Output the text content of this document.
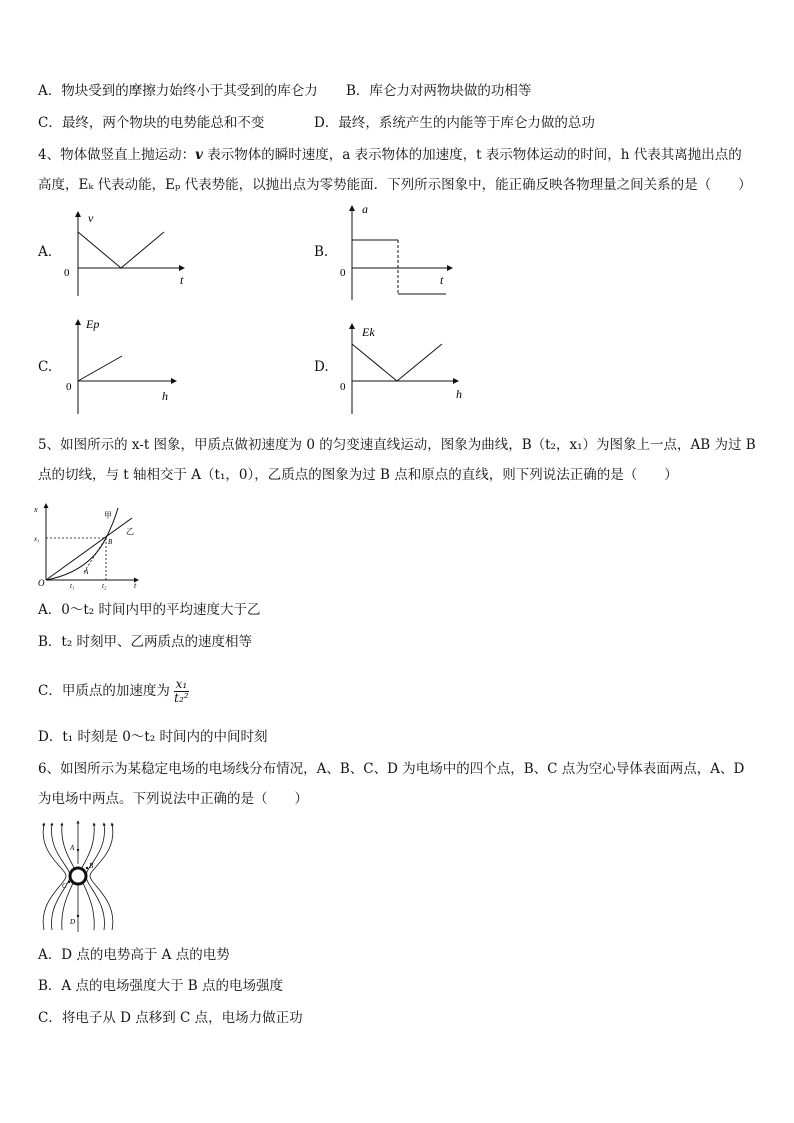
A．物块受到的摩擦力始终小于其受到的库仑力 B．库仑力对两物块做的功相等
C．最终，两个物块的电势能总和不变	D．最终，系统产生的内能等于库仑力做的总功
4、物体做竖直上抛运动：v 表示物体的瞬时速度，a 表示物体的加速度，t 表示物体运动的时间，h 代表其离抛出点的
高度，Eₖ 代表动能，Eₚ 代表势能，以抛出点为零势能面．下列所示图象中，能正确反映各物理量之间关系的是（　　）
A.	B.
C.	D.
v
0	t
a
0	t
Ep
0
h
Ek
0	h
5、如图所示的 x-t 图象，甲质点做初速度为 0 的匀变速直线运动，图象为曲线，B（t₂，x₁）为图象上一点，AB 为过 B
点的切线，与 t 轴相交于 A（t₁，0），乙质点的图象为过 B 点和原点的直线，则下列说法正确的是（　　）
x
O
x₁
t₁	t₂	t
A
B
甲
乙
A．0～t₂ 时间内甲的平均速度大于乙
B．t₂ 时刻甲、乙两质点的速度相等
C．甲质点的加速度为 $\frac{\text{x₁}}{\text{t₂²}}$
D．t₁ 时刻是 0～t₂ 时间内的中间时刻
6、如图所示为某稳定电场的电场线分布情况，A、B、C、D 为电场中的四个点，B、C 点为空心导体表面两点，A、D
为电场中两点。下列说法中正确的是（　　）
A
B
C
D
A．D 点的电势高于 A 点的电势
B．A 点的电场强度大于 B 点的电场强度
C．将电子从 D 点移到 C 点，电场力做正功
